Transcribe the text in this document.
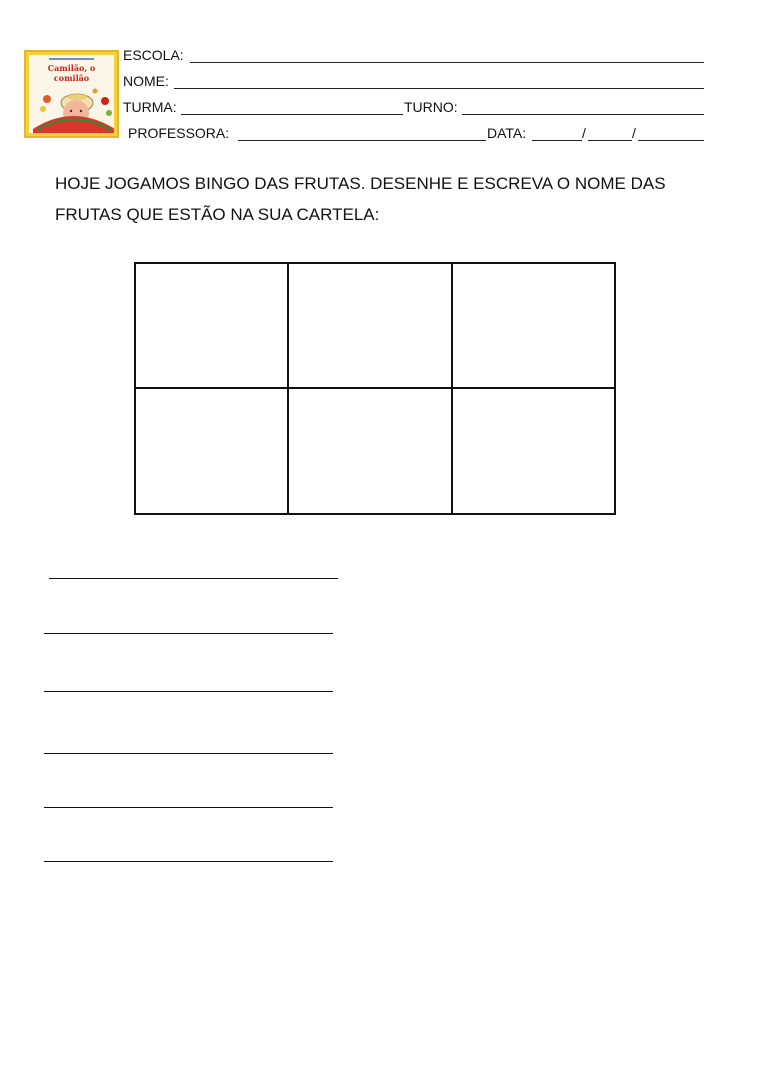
Camilão, o comilão
ESCOLA:
NOME:
TURMA:	TURNO:
PROFESSORA:	DATA:	/	/
HOJE JOGAMOS BINGO DAS FRUTAS. DESENHE E ESCREVA O NOME DAS FRUTAS QUE ESTÃO NA SUA CARTELA:
